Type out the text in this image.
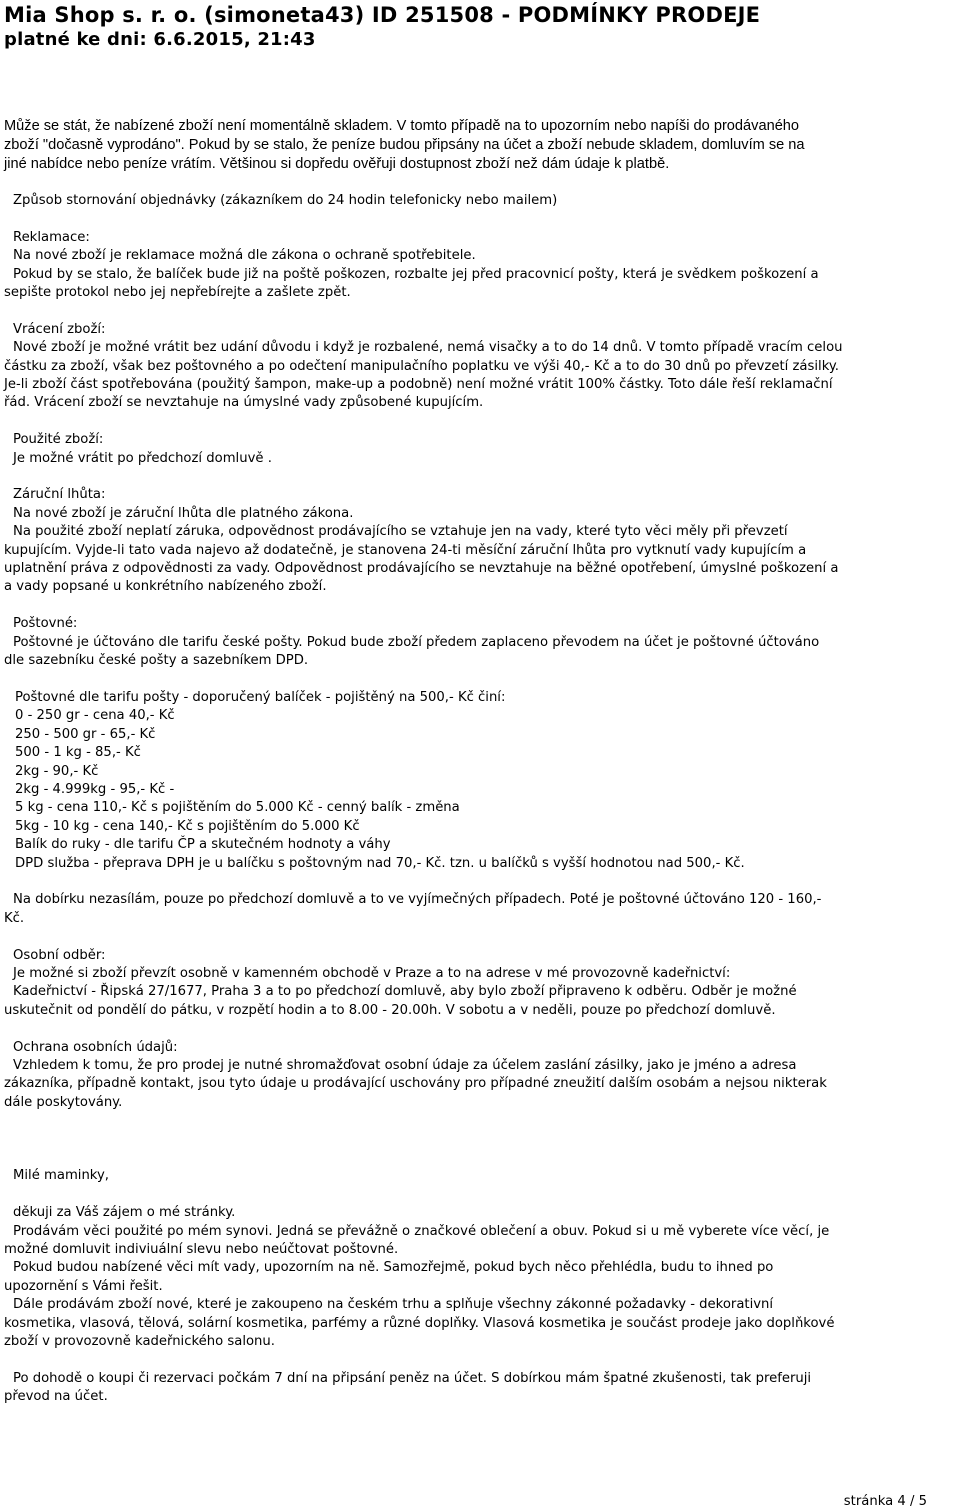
Mia Shop s. r. o. (simoneta43) ID 251508 - PODMÍNKY PRODEJE
platné ke dni: 6.6.2015, 21:43
Může se stát, že nabízené zboží není momentálně skladem. V tomto případě na to upozorním nebo napíši do prodávaného
zboží "dočasně vyprodáno". Pokud by se stalo, že peníze budou připsány na účet a zboží nebude skladem, domluvím se na
jiné nabídce nebo peníze vrátím. Většinou si dopředu ověřuji dostupnost zboží než dám údaje k platbě.

Způsob stornování objednávky (zákazníkem do 24 hodin telefonicky nebo mailem)

Reklamace:

Na nové zboží je reklamace možná dle zákona o ochraně spotřebitele.

Pokud by se stalo, že balíček bude již na poště poškozen, rozbalte jej před pracovnicí pošty, která je svědkem poškození a

sepište protokol nebo jej nepřebírejte a zašlete zpět.

Vrácení zboží:

Nové zboží je možné vrátit bez udání důvodu i když je rozbalené, nemá visačky a to do 14 dnů. V tomto případě vracím celou

částku za zboží, však bez poštovného a po odečtení manipulačního poplatku ve výši 40,- Kč a to do 30 dnů po převzetí zásilky.

Je-li zboží část spotřebována (použitý šampon, make-up a podobně) není možné vrátit 100% částky. Toto dále řeší reklamační

řád. Vrácení zboží se nevztahuje na úmyslné vady způsobené kupujícím.

Použité zboží:

Je možné vrátit po předchozí domluvě .

Záruční lhůta:

Na nové zboží je záruční lhůta dle platného zákona.

Na použité zboží neplatí záruka, odpovědnost prodávajícího se vztahuje jen na vady, které tyto věci měly při převzetí

kupujícím. Vyjde-li tato vada najevo až dodatečně, je stanovena 24-ti měsíční záruční lhůta pro vytknutí vady kupujícím a

uplatnění práva z odpovědnosti za vady. Odpovědnost prodávajícího se nevztahuje na běžné opotřebení, úmyslné poškození a

a vady popsané u konkrétního nabízeného zboží.

Poštovné:

Poštovné je účtováno dle tarifu české pošty. Pokud bude zboží předem zaplaceno převodem na účet je poštovné účtováno

dle sazebníku české pošty a sazebníkem DPD.

Poštovné dle tarifu pošty - doporučený balíček - pojištěný na 500,- Kč činí:

0 - 250 gr - cena 40,- Kč

250 - 500 gr - 65,- Kč

500 - 1 kg - 85,- Kč

2kg - 90,- Kč

2kg - 4.999kg - 95,- Kč -

5 kg - cena 110,- Kč s pojištěním do 5.000 Kč - cenný balík - změna

5kg - 10 kg - cena 140,- Kč s pojištěním do 5.000 Kč

Balík do ruky - dle tarifu ČP a skutečném hodnoty a váhy

DPD služba - přeprava DPH je u balíčku s poštovným nad 70,- Kč. tzn. u balíčků s vyšší hodnotou nad 500,- Kč.

Na dobírku nezasílám, pouze po předchozí domluvě a to ve vyjímečných případech. Poté je poštovné účtováno 120 - 160,-

Kč.

Osobní odběr:

Je možné si zboží převzít osobně v kamenném obchodě v Praze a to na adrese v mé provozovně kadeřnictví:

Kadeřnictví - Řipská 27/1677, Praha 3 a to po předchozí domluvě, aby bylo zboží připraveno k odběru. Odběr je možné

uskutečnit od pondělí do pátku, v rozpětí hodin a to 8.00 - 20.00h. V sobotu a v neděli, pouze po předchozí domluvě.

Ochrana osobních údajů:

Vzhledem k tomu, že pro prodej je nutné shromažďovat osobní údaje za účelem zaslání zásilky, jako je jméno a adresa

zákazníka, případně kontakt, jsou tyto údaje u prodávající uschovány pro případné zneužití dalším osobám a nejsou nikterak

dále poskytovány.

Milé maminky,

děkuji za Váš zájem o mé stránky.

Prodávám věci použité po mém synovi. Jedná se převážně o značkové oblečení a obuv. Pokud si u mě vyberete více věcí, je

možné domluvit indiviuální slevu nebo neúčtovat poštovné.

Pokud budou nabízené věci mít vady, upozorním na ně. Samozřejmě, pokud bych něco přehlédla, budu to ihned po

upozornění s Vámi řešit.

Dále prodávám zboží nové, které je zakoupeno na českém trhu a splňuje všechny zákonné požadavky - dekorativní

kosmetika, vlasová, tělová, solární kosmetika, parfémy a různé doplňky. Vlasová kosmetika je součást prodeje jako doplňkové

zboží v provozovně kadeřnického salonu.

Po dohodě o koupi či rezervaci počkám 7 dní na připsání peněz na účet. S dobírkou mám špatné zkušenosti, tak preferuji

převod na účet.

stránka 4 / 5
